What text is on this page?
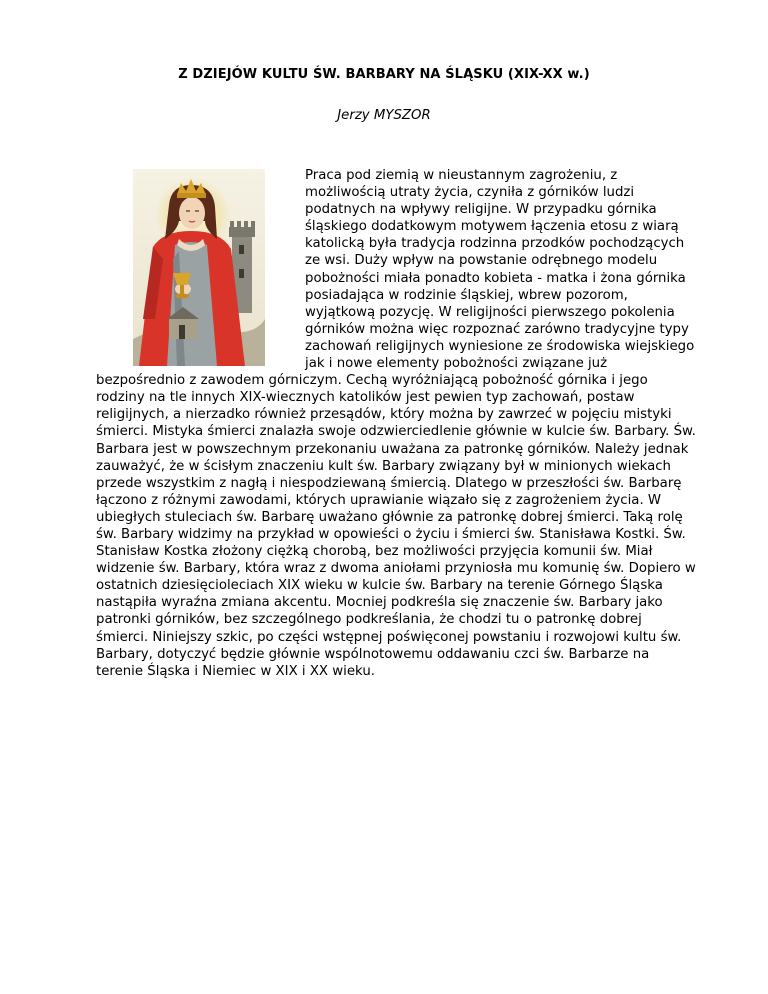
Z DZIEJÓW KULTU ŚW. BARBARY NA ŚLĄSKU (XIX-XX w.)
Jerzy MYSZOR
Praca pod ziemią w nieustannym zagrożeniu, z możliwością utraty życia, czyniła z górników ludzi podatnych na wpływy religijne. W przypadku górnika śląskiego dodatkowym motywem łączenia etosu z wiarą katolicką była tradycja rodzinna przodków pochodzących ze wsi. Duży wpływ na powstanie odrębnego modelu pobożności miała ponadto kobieta - matka i żona górnika posiadająca w rodzinie śląskiej, wbrew pozorom, wyjątkową pozycję. W religijności pierwszego pokolenia górników można więc rozpoznać zarówno tradycyjne typy zachowań religijnych wyniesione ze środowiska wiejskiego jak i nowe elementy pobożności związane już bezpośrednio z zawodem górniczym. Cechą wyróżniającą pobożność górnika i jego rodziny na tle innych XIX-wiecznych katolików jest pewien typ zachowań, postaw religijnych, a nierzadko również przesądów, który można by zawrzeć w pojęciu mistyki śmierci. Mistyka śmierci znalazła swoje odzwierciedlenie głównie w kulcie św. Barbary. Św. Barbara jest w powszechnym przekonaniu uważana za patronkę górników. Należy jednak zauważyć, że w ścisłym znaczeniu kult św. Barbary związany był w minionych wiekach przede wszystkim z nagłą i niespodziewaną śmiercią. Dlatego w przeszłości św. Barbarę łączono z różnymi zawodami, których uprawianie wiązało się z zagrożeniem życia. W ubiegłych stuleciach św. Barbarę uważano głównie za patronkę dobrej śmierci. Taką rolę św. Barbary widzimy na przykład w opowieści o życiu i śmierci św. Stanisława Kostki. Św. Stanisław Kostka złożony ciężką chorobą, bez możliwości przyjęcia komunii św. Miał widzenie św. Barbary, która wraz z dwoma aniołami przyniosła mu komunię św. Dopiero w ostatnich dziesięcioleciach XIX wieku w kulcie św. Barbary na terenie Górnego Śląska nastąpiła wyraźna zmiana akcentu. Mocniej podkreśla się znaczenie św. Barbary jako patronki górników, bez szczególnego podkreślania, że chodzi tu o patronkę dobrej śmierci. Niniejszy szkic, po części wstępnej poświęconej powstaniu i rozwojowi kultu św. Barbary, dotyczyć będzie głównie wspólnotowemu oddawaniu czci św. Barbarze na terenie Śląska i Niemiec w XIX i XX wieku.
